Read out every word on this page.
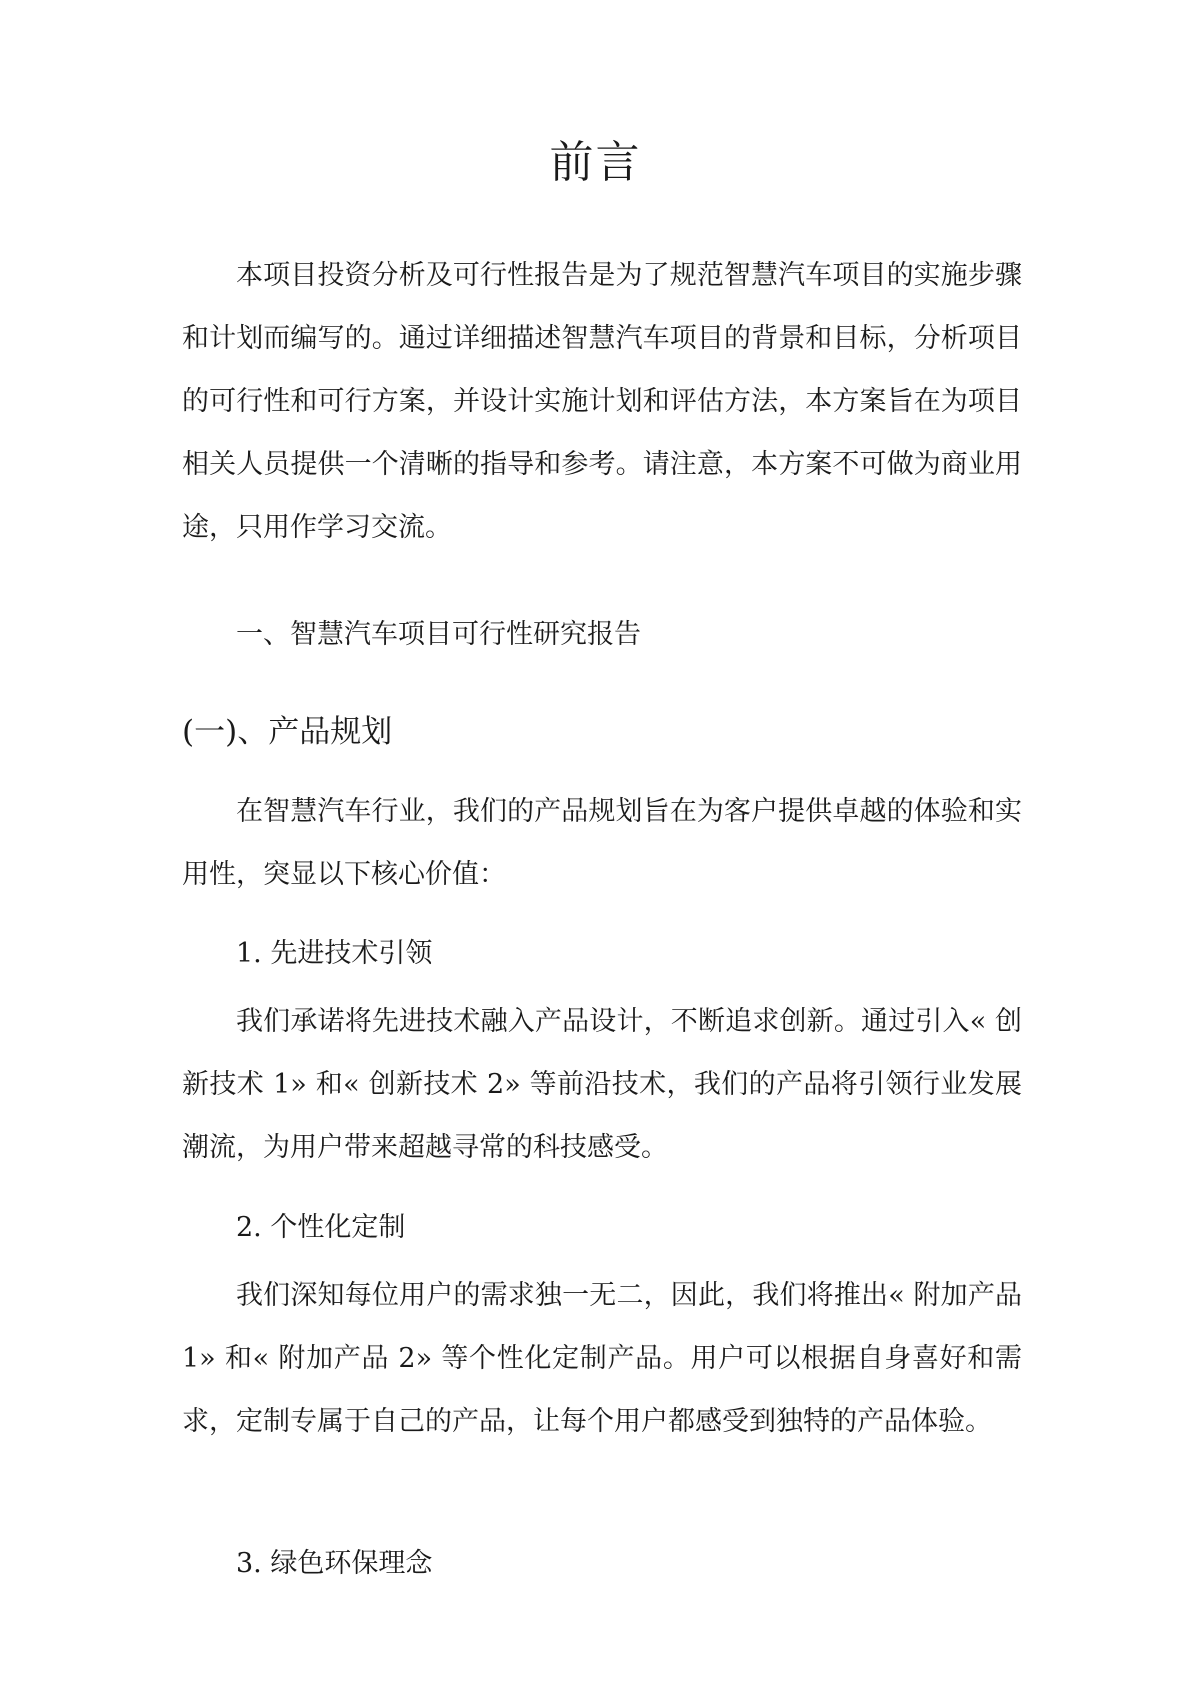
前言
本项目投资分析及可行性报告是为了规范智慧汽车项目的实施步骤和计划而编写的。通过详细描述智慧汽车项目的背景和目标，分析项目的可行性和可行方案，并设计实施计划和评估方法，本方案旨在为项目相关人员提供一个清晰的指导和参考。请注意，本方案不可做为商业用途，只用作学习交流。
一、智慧汽车项目可行性研究报告
(一)、产品规划
在智慧汽车行业，我们的产品规划旨在为客户提供卓越的体验和实用性，突显以下核心价值：
1. 先进技术引领
我们承诺将先进技术融入产品设计，不断追求创新。通过引入« 创新技术 1» 和« 创新技术 2» 等前沿技术，我们的产品将引领行业发展潮流，为用户带来超越寻常的科技感受。
2. 个性化定制
我们深知每位用户的需求独一无二，因此，我们将推出« 附加产品 1» 和« 附加产品 2» 等个性化定制产品。用户可以根据自身喜好和需求，定制专属于自己的产品，让每个用户都感受到独特的产品体验。
3. 绿色环保理念
